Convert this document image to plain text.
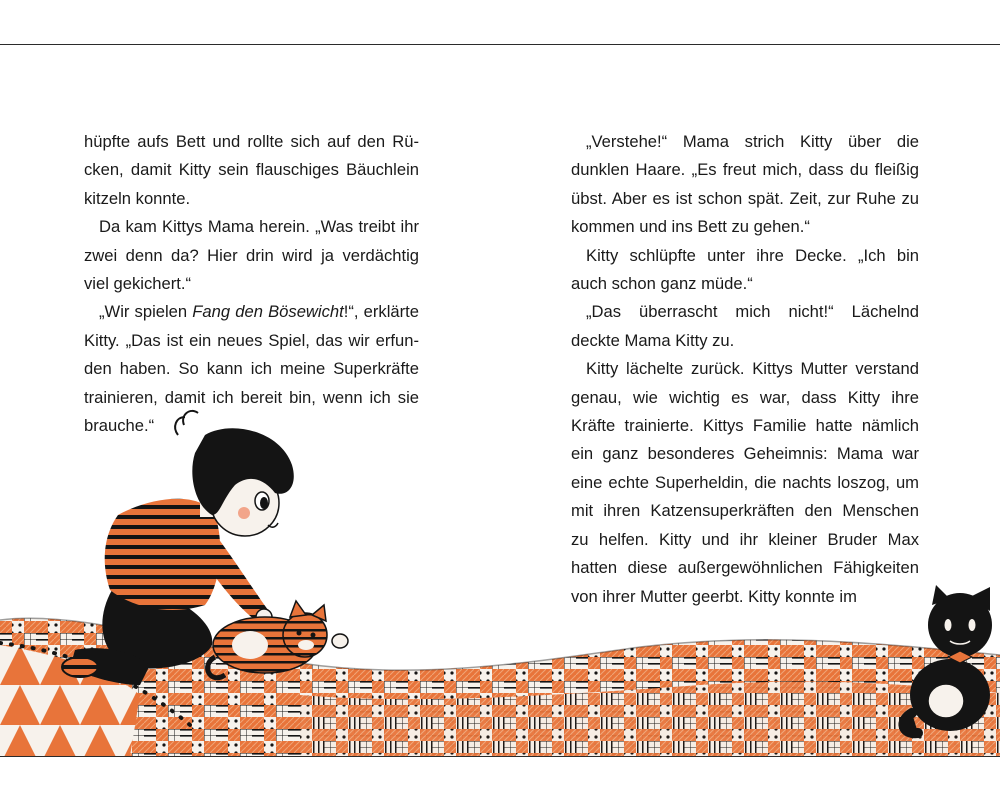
hüpfte aufs Bett und rollte sich auf den Rü-

cken, damit Kitty sein flauschiges Bäuchlein

kitzeln konnte.

Da kam Kittys Mama herein. „Was treibt ihr

zwei denn da? Hier drin wird ja verdächtig

viel gekichert.“

„Wir spielen Fang den Bösewicht!“, erklärte

Kitty. „Das ist ein neues Spiel, das wir erfun-

den haben. So kann ich meine Superkräfte

trainieren, damit ich bereit bin, wenn ich sie

brauche.“

„Verstehe!“ Mama strich Kitty über die

dunklen Haare. „Es freut mich, dass du fleißig

übst. Aber es ist schon spät. Zeit, zur Ruhe zu

kommen und ins Bett zu gehen.“

Kitty schlüpfte unter ihre Decke. „Ich bin

auch schon ganz müde.“

„Das überrascht mich nicht!“ Lächelnd

deckte Mama Kitty zu.

Kitty lächelte zurück. Kittys Mutter verstand

genau, wie wichtig es war, dass Kitty ihre

Kräfte trainierte. Kittys Familie hatte nämlich

ein ganz besonderes Geheimnis: Mama war

eine echte Superheldin, die nachts loszog, um

mit ihren Katzensuperkräften den Menschen

zu helfen. Kitty und ihr kleiner Bruder Max

hatten diese außergewöhnlichen Fähigkeiten

von ihrer Mutter geerbt. Kitty konnte im
